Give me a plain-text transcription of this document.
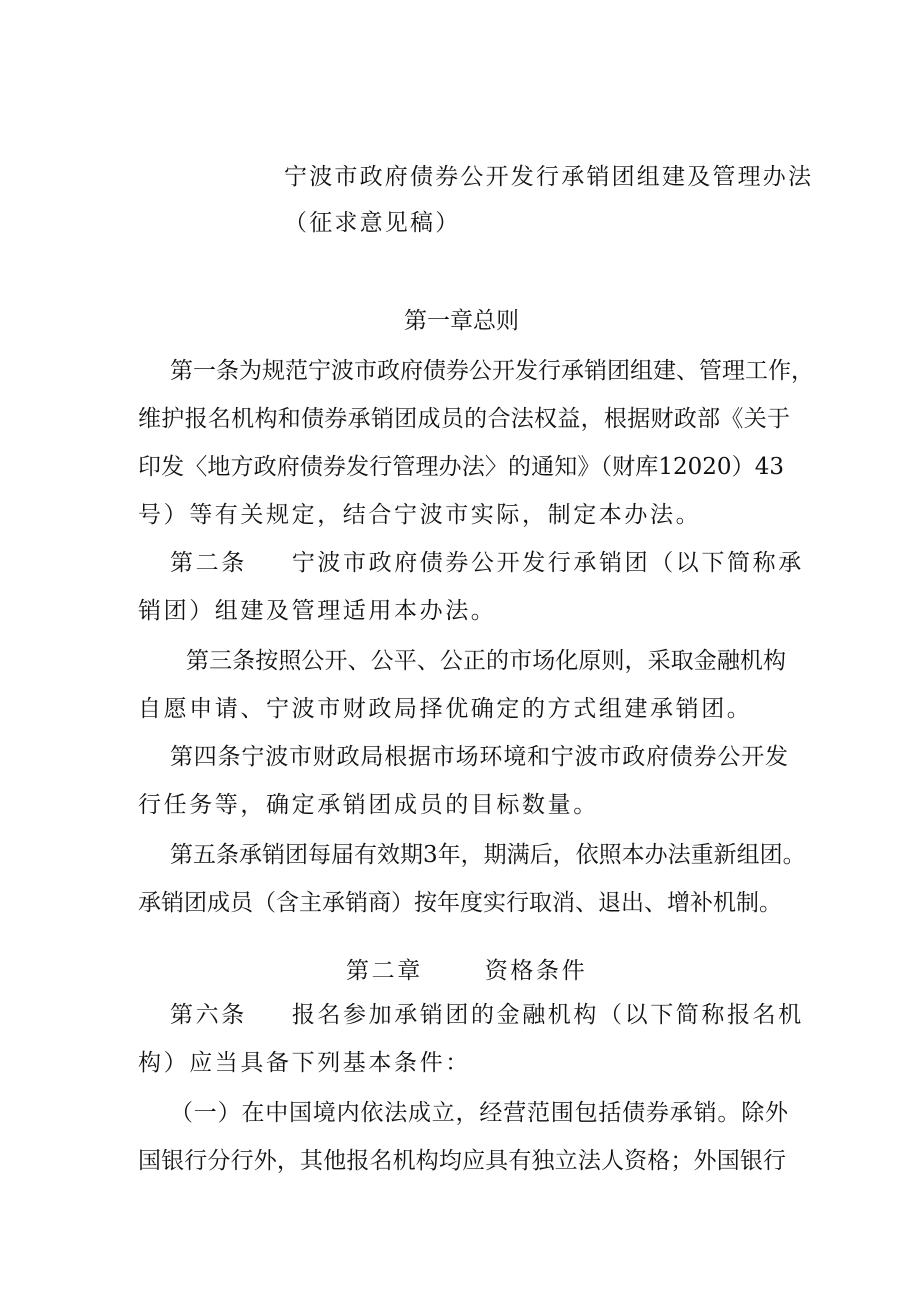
宁波市政府债券公开发行承销团组建及管理办法
（征求意见稿）
第一章总则
第一条为规范宁波市政府债券公开发行承销团组建、管理工作，
维护报名机构和债券承销团成员的合法权益，根据财政部《关于
印发〈地方政府债券发行管理办法〉的通知》（财库12020）43
号）等有关规定，结合宁波市实际，制定本办法。
第二条 宁波市政府债券公开发行承销团（以下简称承
销团）组建及管理适用本办法。
第三条按照公开、公平、公正的市场化原则，采取金融机构
自愿申请、宁波市财政局择优确定的方式组建承销团。
第四条宁波市财政局根据市场环境和宁波市政府债券公开发
行任务等，确定承销团成员的目标数量。
第五条承销团每届有效期3年，期满后，依照本办法重新组团。
承销团成员（含主承销商）按年度实行取消、退出、增补机制。
第二章	资格条件
第六条 报名参加承销团的金融机构（以下简称报名机
构）应当具备下列基本条件：
（一）在中国境内依法成立，经营范围包括债券承销。除外
国银行分行外，其他报名机构均应具有独立法人资格；外国银行
